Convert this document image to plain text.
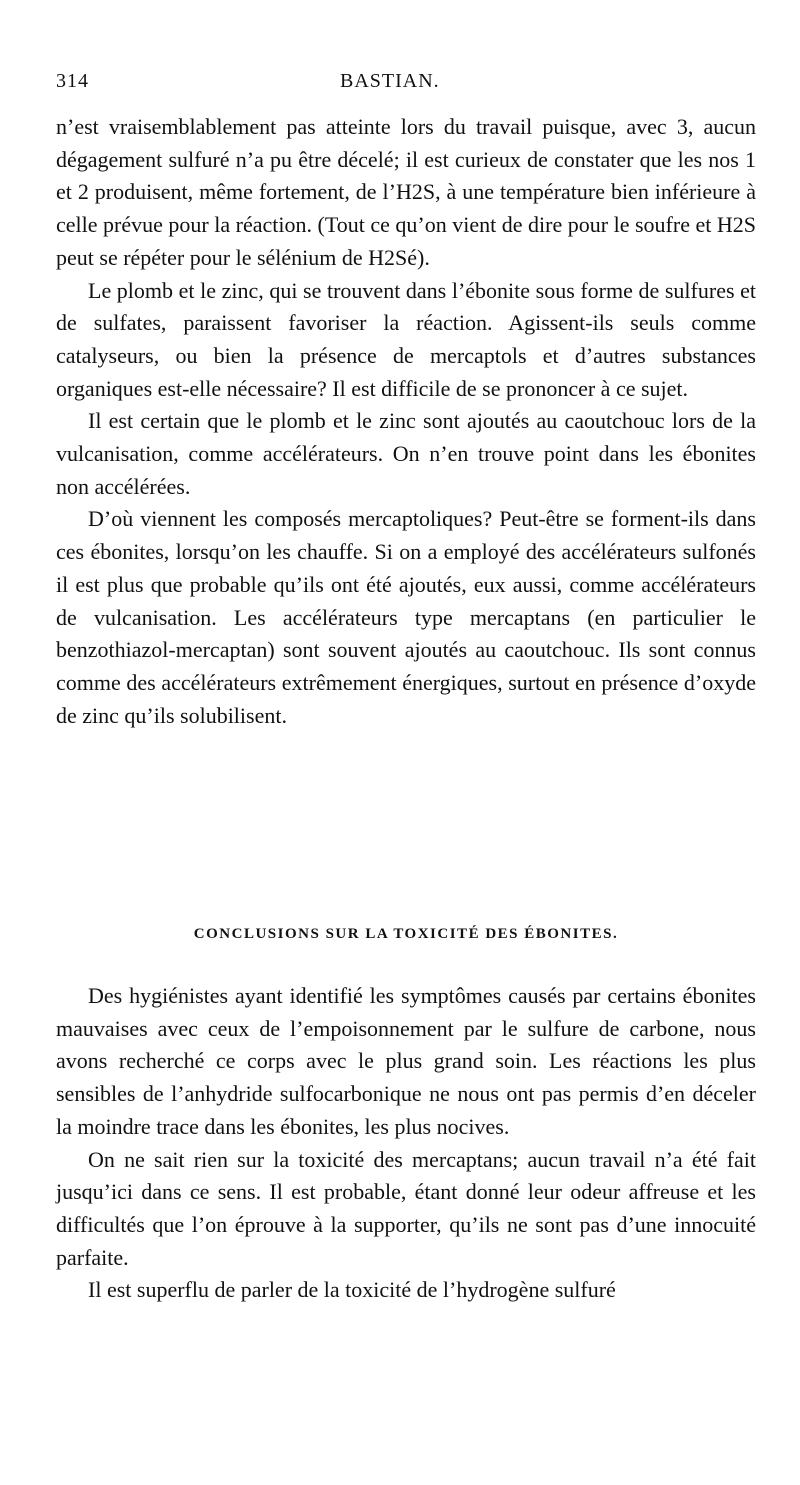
314	BASTIAN.

n’est vraisemblablement pas atteinte lors du travail puisque, avec 3, aucun dégagement sulfuré n’a pu être décelé; il est curieux de constater que les nos 1 et 2 produisent, même fortement, de l’H2S, à une température bien inférieure à celle prévue pour la réaction. (Tout ce qu’on vient de dire pour le soufre et H2S peut se répéter pour le sélénium de H2Sé).

Le plomb et le zinc, qui se trouvent dans l’ébonite sous forme de sulfures et de sulfates, paraissent favoriser la réaction. Agissent-ils seuls comme catalyseurs, ou bien la présence de mercaptols et d’autres substances organiques est-elle nécessaire? Il est difficile de se prononcer à ce sujet.

Il est certain que le plomb et le zinc sont ajoutés au caoutchouc lors de la vulcanisation, comme accélérateurs. On n’en trouve point dans les ébonites non accélérées.

D’où viennent les composés mercaptoliques? Peut-être se forment-ils dans ces ébonites, lorsqu’on les chauffe. Si on a employé des accélérateurs sulfonés il est plus que probable qu’ils ont été ajoutés, eux aussi, comme accélérateurs de vulcanisation. Les accélérateurs type mercaptans (en particulier le benzothiazol-mercaptan) sont souvent ajoutés au caoutchouc. Ils sont connus comme des accélérateurs extrêmement énergiques, surtout en présence d’oxyde de zinc qu’ils solubilisent.

CONCLUSIONS SUR LA TOXICITÉ DES ÉBONITES.

Des hygiénistes ayant identifié les symptômes causés par certains ébonites mauvaises avec ceux de l’empoisonnement par le sulfure de carbone, nous avons recherché ce corps avec le plus grand soin. Les réactions les plus sensibles de l’anhydride sulfocarbonique ne nous ont pas permis d’en déceler la moindre trace dans les ébonites, les plus nocives.

On ne sait rien sur la toxicité des mercaptans; aucun travail n’a été fait jusqu’ici dans ce sens. Il est probable, étant donné leur odeur affreuse et les difficultés que l’on éprouve à la supporter, qu’ils ne sont pas d’une innocuité parfaite.

Il est superflu de parler de la toxicité de l’hydrogène sulfuré
